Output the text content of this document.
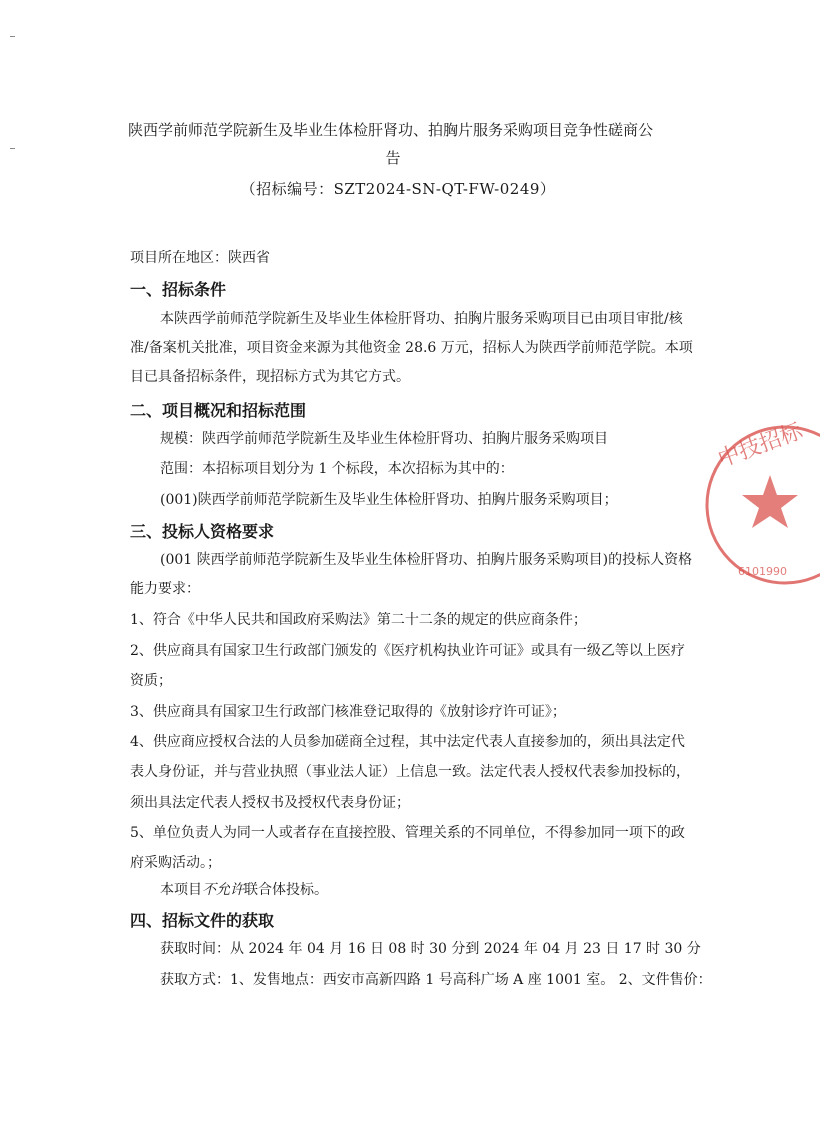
陕西学前师范学院新生及毕业生体检肝肾功、拍胸片服务采购项目竞争性磋商公
告
（招标编号：SZT2024-SN-QT-FW-0249）
项目所在地区：陕西省
一、招标条件
本陕西学前师范学院新生及毕业生体检肝肾功、拍胸片服务采购项目已由项目审批/核
准/备案机关批准，项目资金来源为其他资金 28.6 万元，招标人为陕西学前师范学院。本项
目已具备招标条件，现招标方式为其它方式。
二、项目概况和招标范围
规模：陕西学前师范学院新生及毕业生体检肝肾功、拍胸片服务采购项目
范围：本招标项目划分为 1 个标段，本次招标为其中的：
(001)陕西学前师范学院新生及毕业生体检肝肾功、拍胸片服务采购项目；
三、投标人资格要求
(001 陕西学前师范学院新生及毕业生体检肝肾功、拍胸片服务采购项目)的投标人资格
能力要求：
1、符合《中华人民共和国政府采购法》第二十二条的规定的供应商条件；
2、供应商具有国家卫生行政部门颁发的《医疗机构执业许可证》或具有一级乙等以上医疗
资质；
3、供应商具有国家卫生行政部门核准登记取得的《放射诊疗许可证》；
4、供应商应授权合法的人员参加磋商全过程，其中法定代表人直接参加的，须出具法定代
表人身份证，并与营业执照（事业法人证）上信息一致。法定代表人授权代表参加投标的，
须出具法定代表人授权书及授权代表身份证；
5、单位负责人为同一人或者存在直接控股、管理关系的不同单位，不得参加同一项下的政
府采购活动。；
本项目不允许联合体投标。
四、招标文件的获取
获取时间：从 2024 年 04 月 16 日 08 时 30 分到 2024 年 04 月 23 日 17 时 30 分
获取方式：1、发售地点：西安市高新四路 1 号高科广场 A 座 1001 室。 2、文件售价：
中技招标
6101990
